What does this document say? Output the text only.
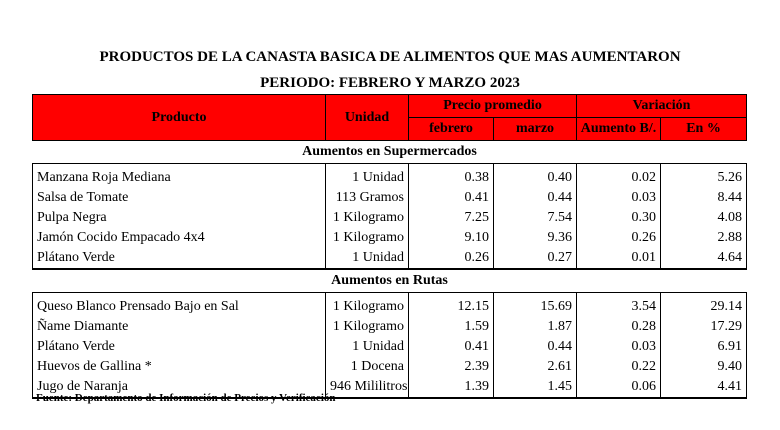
PRODUCTOS DE LA CANASTA BASICA DE ALIMENTOS QUE MAS AUMENTARON
PERIODO: FEBRERO Y MARZO 2023
Producto	Unidad	Precio promedio		Variación	
		febrero	marzo	Aumento B/.	En %
Aumentos en Supermercados					
Manzana Roja Mediana	1 Unidad	0.38	0.40	0.02	5.26
Salsa de Tomate	113 Gramos	0.41	0.44	0.03	8.44
Pulpa Negra	1 Kilogramo	7.25	7.54	0.30	4.08
Jamón Cocido Empacado 4x4	1 Kilogramo	9.10	9.36	0.26	2.88
Plátano Verde	1 Unidad	0.26	0.27	0.01	4.64
Aumentos en Rutas					
Queso Blanco Prensado Bajo en Sal	1 Kilogramo	12.15	15.69	3.54	29.14
Ñame Diamante	1 Kilogramo	1.59	1.87	0.28	17.29
Plátano Verde	1 Unidad	0.41	0.44	0.03	6.91
Huevos de Gallina *	1 Docena	2.39	2.61	0.22	9.40
Jugo de Naranja	946 Mililitros	1.39	1.45	0.06	4.41
Fuente: Departamento de Información de Precios y Verificación
